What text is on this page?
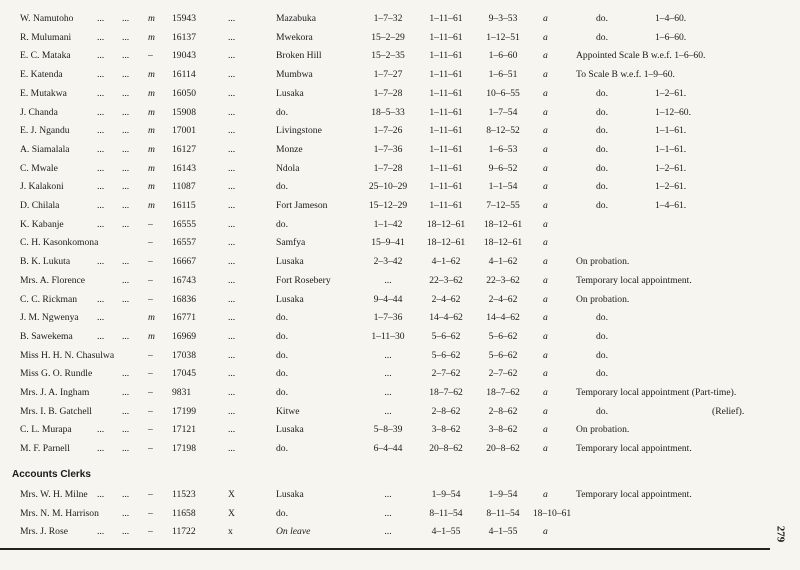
W. Namutoho	... ... m 15943	...	Mazabuka	1–7–32	1–11–61	9–3–53	a	do.	1–4–60.
R. Mulumani	... ... m 16137	...	Mwekora	15–2–29	1–11–61	1–12–51	a	do.	1–6–60.
E. C. Mataka	... ... – 19043	...	Broken Hill	15–2–35	1–11–61	1–6–60	a	Appointed Scale B w.e.f. 1–6–60.
E. Katenda	... ... m 16114	...	Mumbwa	1–7–27	1–11–61	1–6–51	a	To Scale B w.e.f. 1–9–60.
E. Mutakwa	... ... m 16050	...	Lusaka	1–7–28	1–11–61	10–6–55	a	do.	1–2–61.
J. Chanda	... ... m 15908	...	do.	18–5–33	1–11–61	1–7–54	a	do.	1–12–60.
E. J. Ngandu	... ... m 17001	...	Livingstone	1–7–26	1–11–61	8–12–52	a	do.	1–1–61.
A. Siamalala	... ... m 16127	...	Monze	1–7–36	1–11–61	1–6–53	a	do.	1–1–61.
C. Mwale	... ... m 16143	...	Ndola	1–7–28	1–11–61	9–6–52	a	do.	1–2–61.
J. Kalakoni	... ... m 11087	...	do.	25–10–29	1–11–61	1–1–54	a	do.	1–2–61.
D. Chilala	... ... m 16115	...	Fort Jameson	15–12–29	1–11–61	7–12–55	a	do.	1–4–61.
K. Kabanje	... ... – 16555	...	do.	1–1–42	18–12–61	18–12–61	a
C. H. Kasonkomona	– 16557	...	Samfya	15–9–41	18–12–61	18–12–61	a
B. K. Lukuta	... ... – 16667	...	Lusaka	2–3–42	4–1–62	4–1–62	a	On probation.
Mrs. A. Florence	... – 16743	...	Fort Rosebery	...	22–3–62	22–3–62	a	Temporary local appointment.
C. C. Rickman	... ... – 16836	...	Lusaka	9–4–44	2–4–62	2–4–62	a	On probation.
J. M. Ngwenya	...	m 16771	...	do.	1–7–36	14–4–62	14–4–62	a	do.
B. Sawekema	... ... m 16969	...	do.	1–11–30	5–6–62	5–6–62	a	do.
Miss H. H. N. Chasulwa	– 17038	...	do.	...	5–6–62	5–6–62	a	do.
Miss G. O. Rundle	... – 17045	...	do.	...	2–7–62	2–7–62	a	do.
Mrs. J. A. Ingham	... – 9831	...	do.	...	18–7–62	18–7–62	a	Temporary local appointment (Part-time).
Mrs. I. B. Gatchell	... – 17199	...	Kitwe	...	2–8–62	2–8–62	a	do.	(Relief).
C. L. Murapa	... ... – 17121	...	Lusaka	5–8–39	3–8–62	3–8–62	a	On probation.
M. F. Parnell	... ... – 17198	...	do.	6–4–44	20–8–62	20–8–62	a	Temporary local appointment.
Accounts Clerks
Mrs. W. H. Milne ... ... – 11523	X	Lusaka	...	1–9–54	1–9–54	a	Temporary local appointment.
Mrs. N. M. Harrison	... – 11658	X	do.	...	8–11–54	8–11–54	18–10–61
Mrs. J. Rose	... ... – 11722	x	On leave	...	4–1–55	4–1–55	a	279
